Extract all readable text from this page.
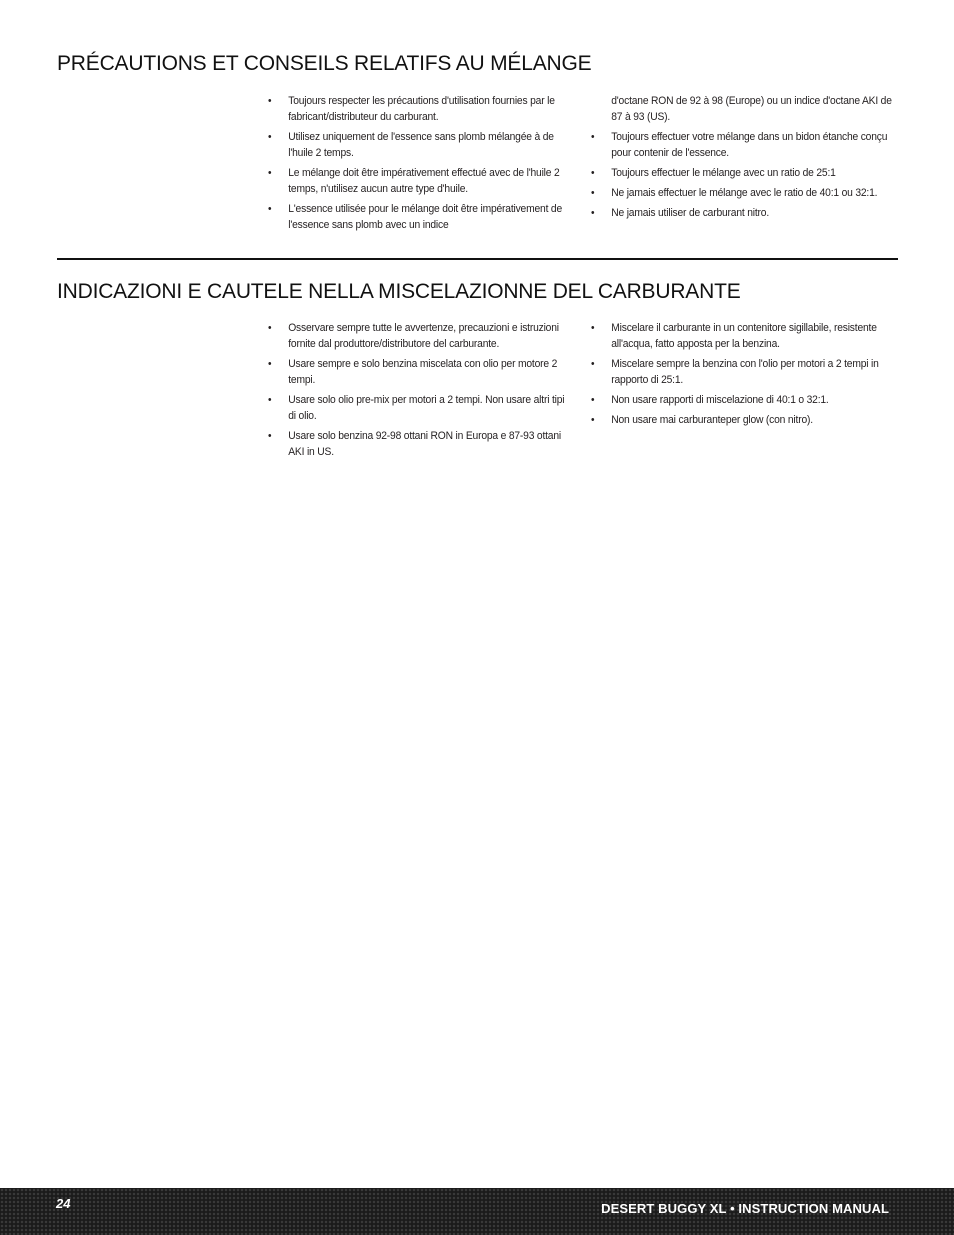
PRÉCAUTIONS ET CONSEILS RELATIFS AU MÉLANGE
• Toujours respecter les précautions d'utilisation fournies par le fabricant/distributeur du carburant.
• Utilisez uniquement de l'essence sans plomb mélangée à de l'huile 2 temps.
• Le mélange doit être impérativement effectué avec de l'huile 2 temps, n'utilisez aucun autre type d'huile.
• L'essence utilisée pour le mélange doit être impérativement de l'essence sans plomb avec un indice
d'octane RON de 92 à 98 (Europe) ou un indice d'octane AKI de 87 à 93 (US).
• Toujours effectuer votre mélange dans un bidon étanche conçu pour contenir de l'essence.
• Toujours effectuer le mélange avec un ratio de 25:1
• Ne jamais effectuer le mélange avec le ratio de 40:1 ou 32:1.
• Ne jamais utiliser de carburant nitro.
INDICAZIONI E CAUTELE NELLA MISCELAZIONNE DEL CARBURANTE
• Osservare sempre tutte le avvertenze, precauzioni e istruzioni fornite dal produttore/distributore del carburante.
• Usare sempre e solo benzina miscelata con olio per motore 2 tempi.
• Usare solo olio pre-mix per motori a 2 tempi. Non usare altri tipi di olio.
• Usare solo benzina 92-98 ottani RON in Europa e 87-93 ottani AKI in US.
• Miscelare il carburante in un contenitore sigillabile, resistente all'acqua, fatto apposta per la benzina.
• Miscelare sempre la benzina con l'olio per motori a 2 tempi in rapporto di 25:1.
• Non usare rapporti di miscelazione di 40:1 o 32:1.
• Non usare mai carburanteper glow (con nitro).
24	DESERT BUGGY XL • INSTRUCTION MANUAL
